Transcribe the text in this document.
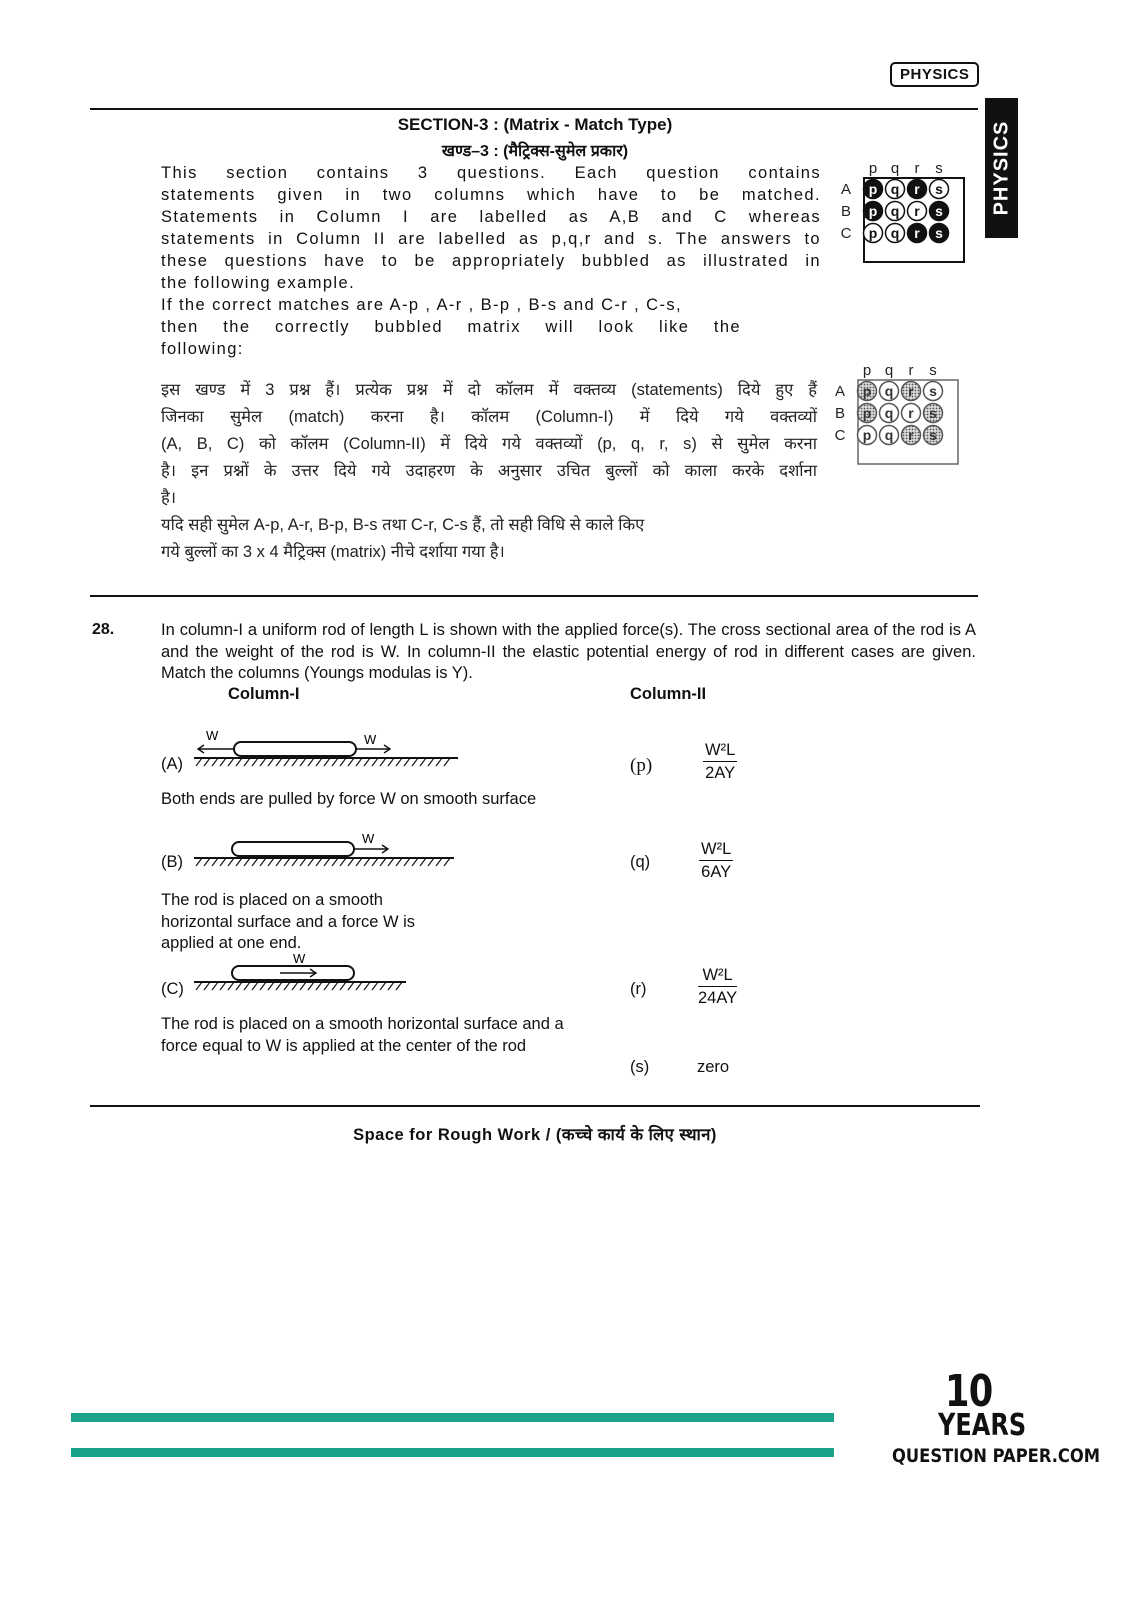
PHYSICS
PHYSICS
SECTION-3 : (Matrix - Match Type)
खण्ड–3 : (मैट्रिक्स-सुमेल प्रकार)
This section contains 3 questions. Each question contains
statements given in two columns which have to be matched.
Statements in Column I are labelled as A,B and C whereas
statements in Column II are labelled as p,q,r and s. The answers to
these questions have to be appropriately bubbled as illustrated in
the following example.
If the correct matches are A-p , A-r , B-p , B-s and C-r , C-s,
then the correctly bubbled matrix will look like the
following:
p q r s
A p q r s
B p q r s
C p q r s
इस खण्ड में 3 प्रश्न हैं। प्रत्येक प्रश्न में दो कॉलम में वक्तव्य (statements) दिये हुए हैं
जिनका सुमेल (match) करना है। कॉलम (Column-I) में दिये गये वक्तव्यों
(A, B, C) को कॉलम (Column-II) में दिये गये वक्तव्यों (p, q, r, s) से सुमेल करना
है। इन प्रश्नों के उत्तर दिये गये उदाहरण के अनुसार उचित बुल्लों को काला करके दर्शाना
है।
यदि सही सुमेल A-p, A-r, B-p, B-s तथा C-r, C-s हैं, तो सही विधि से काले किए
गये बुल्लों का 3 x 4 मैट्रिक्स (matrix) नीचे दर्शाया गया है।
p q r s
A p q r s
B p q r s
C p q r s
28.	In column-I a uniform rod of length L is shown with the applied force(s). The cross sectional area of the rod is A and the weight of the rod is W. In column-II the elastic potential energy of rod in different cases are given. Match the columns (Youngs modulas is Y).
Column-I	Column-II
(A)
W	W
Both ends are pulled by force W on smooth surface
(B)
W
The rod is placed on a smooth horizontal surface and a force W is applied at one end.
(C)
W
The rod is placed on a smooth horizontal surface and a force equal to W is applied at the center of the rod
(p)	$\frac{\text{W²L}}{2AY}$
(q)	$\frac{\text{W²L}}{6AY}$
(r)	$\frac{\text{W²L}}{24AY}$
(s)	zero
Space for Rough Work / (कच्चे कार्य के लिए स्थान)
10
YEARS
QUESTION PAPER.COM
